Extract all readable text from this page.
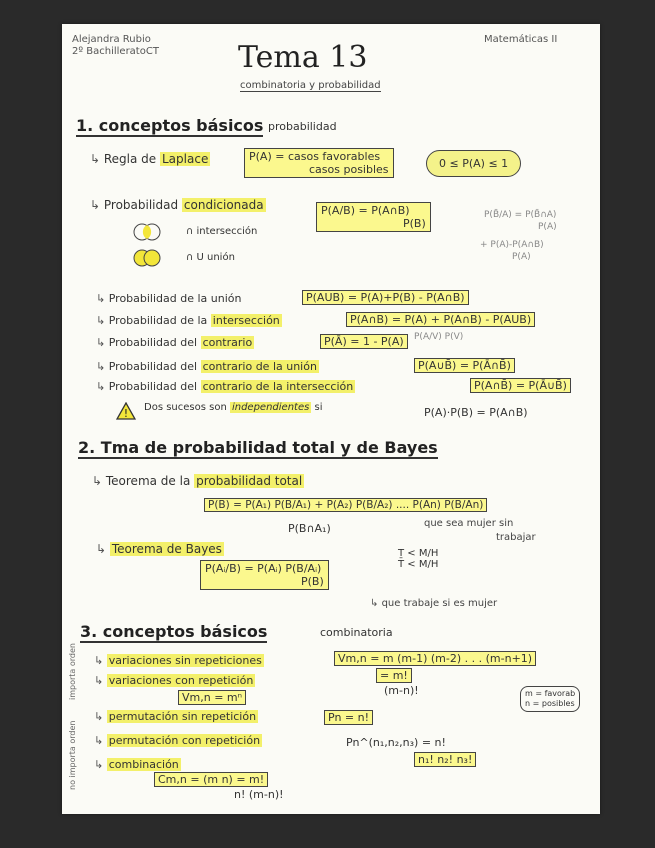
Alejandra Rubio
2º BachilleratoCT
Matemáticas II
Tema 13
combinatoria y probabilidad
1. conceptos básicos probabilidad
↳ Regla de Laplace	P(A) = casos favorables
casos posibles	0 ≤ P(A) ≤ 1
↳ Probabilidad condicionada	P(A/B) = P(A∩B)
P(B)
P(B̄/A) = P(B̄∩A)
P(A)
+ P(A)-P(A∩B)
P(A)
∩ intersección
∩ U unión
↳ Probabilidad de la unión	P(AUB) = P(A)+P(B) - P(A∩B)
↳ Probabilidad de la intersección	P(A∩B) = P(A) + P(A∩B) - P(AUB)
P(A/V) P(V)
↳ Probabilidad del contrario	P(Ā) = 1 - P(A)
↳ Probabilidad del contrario de la unión	P(A∪B̄) = P(Ā∩B̄)
↳ Probabilidad del contrario de la intersección	P(A∩B̄) = P(Ā∪B̄)
! Dos sucesos son independientes si	P(A)·P(B) = P(A∩B)
2. Tma de probabilidad total y de Bayes
↳ Teorema de la probabilidad total
P(B) = P(A₁) P(B/A₁) + P(A₂) P(B/A₂) .... P(An) P(B/An)
P(B∩A₁)	que sea mujer sin
trabajar
↳ Teorema de Bayes
P(Aᵢ/B) = P(Aᵢ) P(B/Aᵢ)
P(B)
T < M/H
T̄ < M/H
↳ que trabaje si es mujer
3. conceptos básicos	combinatoria
importa orden
no importa orden
↳ variaciones sin repeticiones	Vm,n = m (m-1) (m-2) . . . (m-n+1)
= m!
(m-n)!
↳ variaciones con repetición
Vm,n = mⁿ
↳ permutación sin repetición	Pn = n!
↳ permutación con repetición	Pn^(n₁,n₂,n₃) = n!
n₁! n₂! n₃!
↳ combinación
Cm,n = (m n) = m!
n! (m-n)!
m = favorab
n = posibles
